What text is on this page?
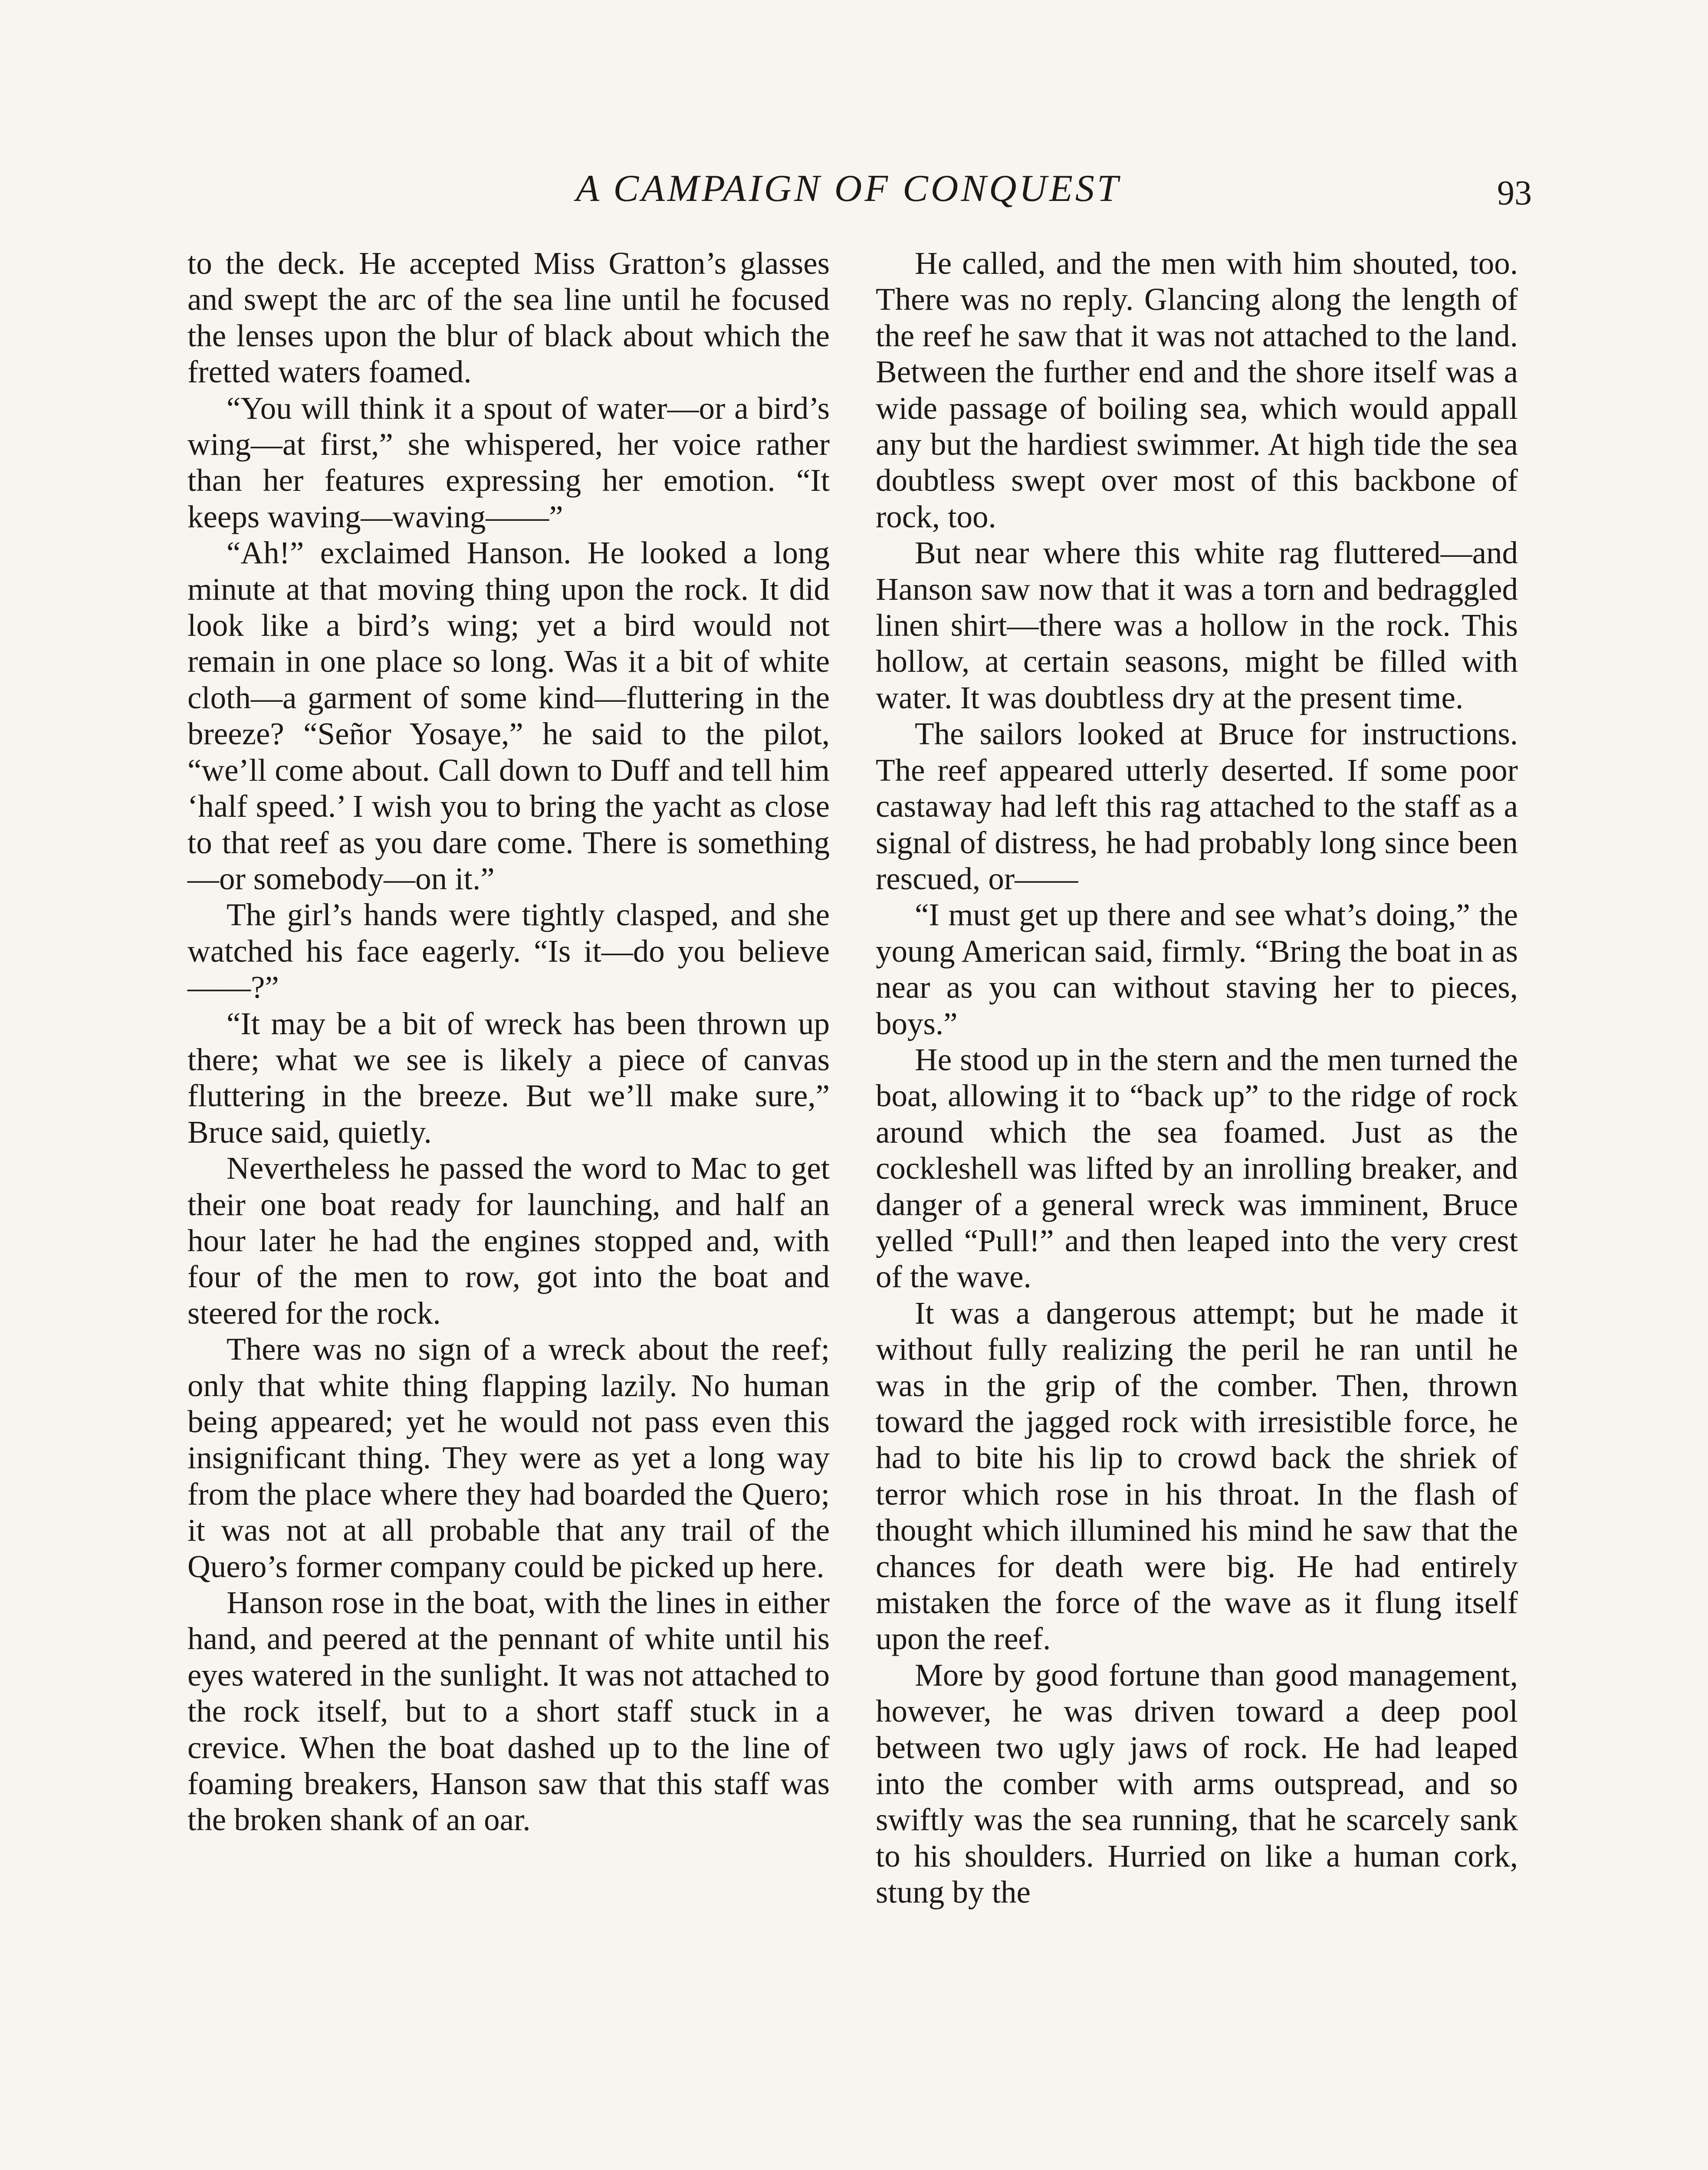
A CAMPAIGN OF CONQUEST	93

to the deck. He accepted Miss Gratton’s glasses and swept the arc of the sea line until he focused the lenses upon the blur of black about which the fretted waters foamed.

“You will think it a spout of water—or a bird’s wing—at first,” she whispered, her voice rather than her features expressing her emotion. “It keeps waving—waving——”

“Ah!” exclaimed Hanson. He looked a long minute at that moving thing upon the rock. It did look like a bird’s wing; yet a bird would not remain in one place so long. Was it a bit of white cloth—a garment of some kind—fluttering in the breeze? “Señor Yosaye,” he said to the pilot, “we’ll come about. Call down to Duff and tell him ‘half speed.’ I wish you to bring the yacht as close to that reef as you dare come. There is something—or somebody—on it.”

The girl’s hands were tightly clasped, and she watched his face eagerly. “Is it—do you believe——?”

“It may be a bit of wreck has been thrown up there; what we see is likely a piece of canvas fluttering in the breeze. But we’ll make sure,” Bruce said, quietly.

Nevertheless he passed the word to Mac to get their one boat ready for launching, and half an hour later he had the engines stopped and, with four of the men to row, got into the boat and steered for the rock.

There was no sign of a wreck about the reef; only that white thing flapping lazily. No human being appeared; yet he would not pass even this insignificant thing. They were as yet a long way from the place where they had boarded the Quero; it was not at all probable that any trail of the Quero’s former company could be picked up here.

Hanson rose in the boat, with the lines in either hand, and peered at the pennant of white until his eyes watered in the sunlight. It was not attached to the rock itself, but to a short staff stuck in a crevice. When the boat dashed up to the line of foaming breakers, Hanson saw that this staff was the broken shank of an oar.

He called, and the men with him shouted, too. There was no reply. Glancing along the length of the reef he saw that it was not attached to the land. Between the further end and the shore itself was a wide passage of boiling sea, which would appall any but the hardiest swimmer. At high tide the sea doubtless swept over most of this backbone of rock, too.

But near where this white rag fluttered—and Hanson saw now that it was a torn and bedraggled linen shirt—there was a hollow in the rock. This hollow, at certain seasons, might be filled with water. It was doubtless dry at the present time.

The sailors looked at Bruce for instructions. The reef appeared utterly deserted. If some poor castaway had left this rag attached to the staff as a signal of distress, he had probably long since been rescued, or——

“I must get up there and see what’s doing,” the young American said, firmly. “Bring the boat in as near as you can without staving her to pieces, boys.”

He stood up in the stern and the men turned the boat, allowing it to “back up” to the ridge of rock around which the sea foamed. Just as the cockleshell was lifted by an inrolling breaker, and danger of a general wreck was imminent, Bruce yelled “Pull!” and then leaped into the very crest of the wave.

It was a dangerous attempt; but he made it without fully realizing the peril he ran until he was in the grip of the comber. Then, thrown toward the jagged rock with irresistible force, he had to bite his lip to crowd back the shriek of terror which rose in his throat. In the flash of thought which illumined his mind he saw that the chances for death were big. He had entirely mistaken the force of the wave as it flung itself upon the reef.

More by good fortune than good management, however, he was driven toward a deep pool between two ugly jaws of rock. He had leaped into the comber with arms outspread, and so swiftly was the sea running, that he scarcely sank to his shoulders. Hurried on like a human cork, stung by the
